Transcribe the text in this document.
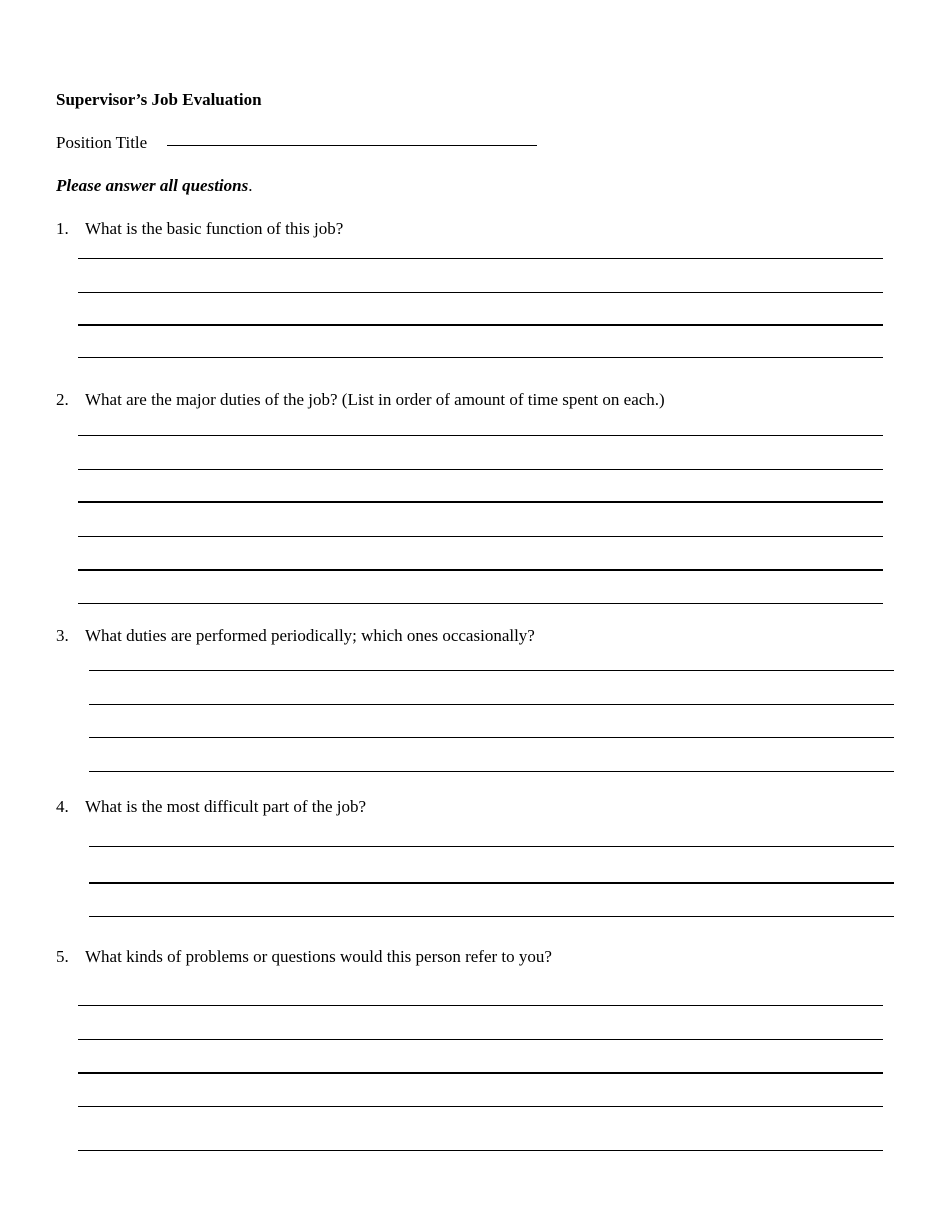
Supervisor’s Job Evaluation
Position Title
Please answer all questions.
1. What is the basic function of this job?
2. What are the major duties of the job? (List in order of amount of time spent on each.)
3. What duties are performed periodically; which ones occasionally?
4. What is the most difficult part of the job?
5. What kinds of problems or questions would this person refer to you?
